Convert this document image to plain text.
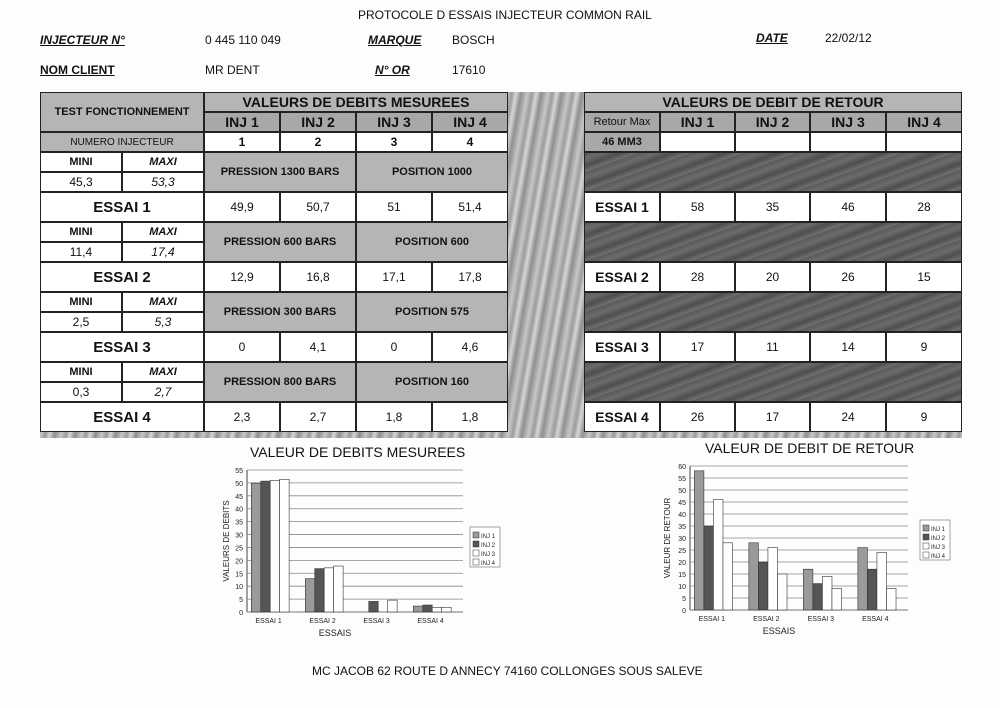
PROTOCOLE D ESSAIS INJECTEUR COMMON RAIL
INJECTEUR N°	0 445 110 049	MARQUE	BOSCH	DATE	22/02/12
NOM CLIENT	MR DENT	N° OR	17610
TEST FONCTIONNEMENT
VALEURS DE DEBITS MESUREES
INJ 1	INJ 2	INJ 3	INJ 4
NUMERO INJECTEUR	1	2	3	4
MINI	MAXI
45,3	53,3
PRESSION 1300 BARS	POSITION 1000
ESSAI 1	49,9	50,7	51	51,4
MINI	MAXI
11,4	17,4
PRESSION 600 BARS	POSITION 600
ESSAI 2	12,9	16,8	17,1	17,8
MINI	MAXI
2,5	5,3
PRESSION 300 BARS	POSITION 575
ESSAI 3	0	4,1	0	4,6
MINI	MAXI
0,3	2,7
PRESSION 800 BARS	POSITION 160
ESSAI 4	2,3	2,7	1,8	1,8
VALEURS DE DEBIT DE RETOUR
Retour Max	INJ 1	INJ 2	INJ 3	INJ 4
46 MM3
ESSAI 1	58	35	46	28
ESSAI 2	28	20	26	15
ESSAI 3	17	11	14	9
ESSAI 4	26	17	24	9
VALEUR DE DEBITS MESUREES
0
5
10
15
20
25
30
35
40
45
50
55
ESSAI 1	ESSAI 2	ESSAI 3	ESSAI 4
ESSAIS
VALEURS DE DEBITS	INJ 1
INJ 2
INJ 3
INJ 4
VALEUR DE DEBIT DE RETOUR
0
5
10
15
20
25
30
35
40
45
50
55
60
ESSAI 1	ESSAI 2	ESSAI 3	ESSAI 4
ESSAIS
VALEUR DE RETOUR	INJ 1
INJ 2
INJ 3
INJ 4
MC JACOB 62 ROUTE D ANNECY 74160 COLLONGES SOUS SALEVE
